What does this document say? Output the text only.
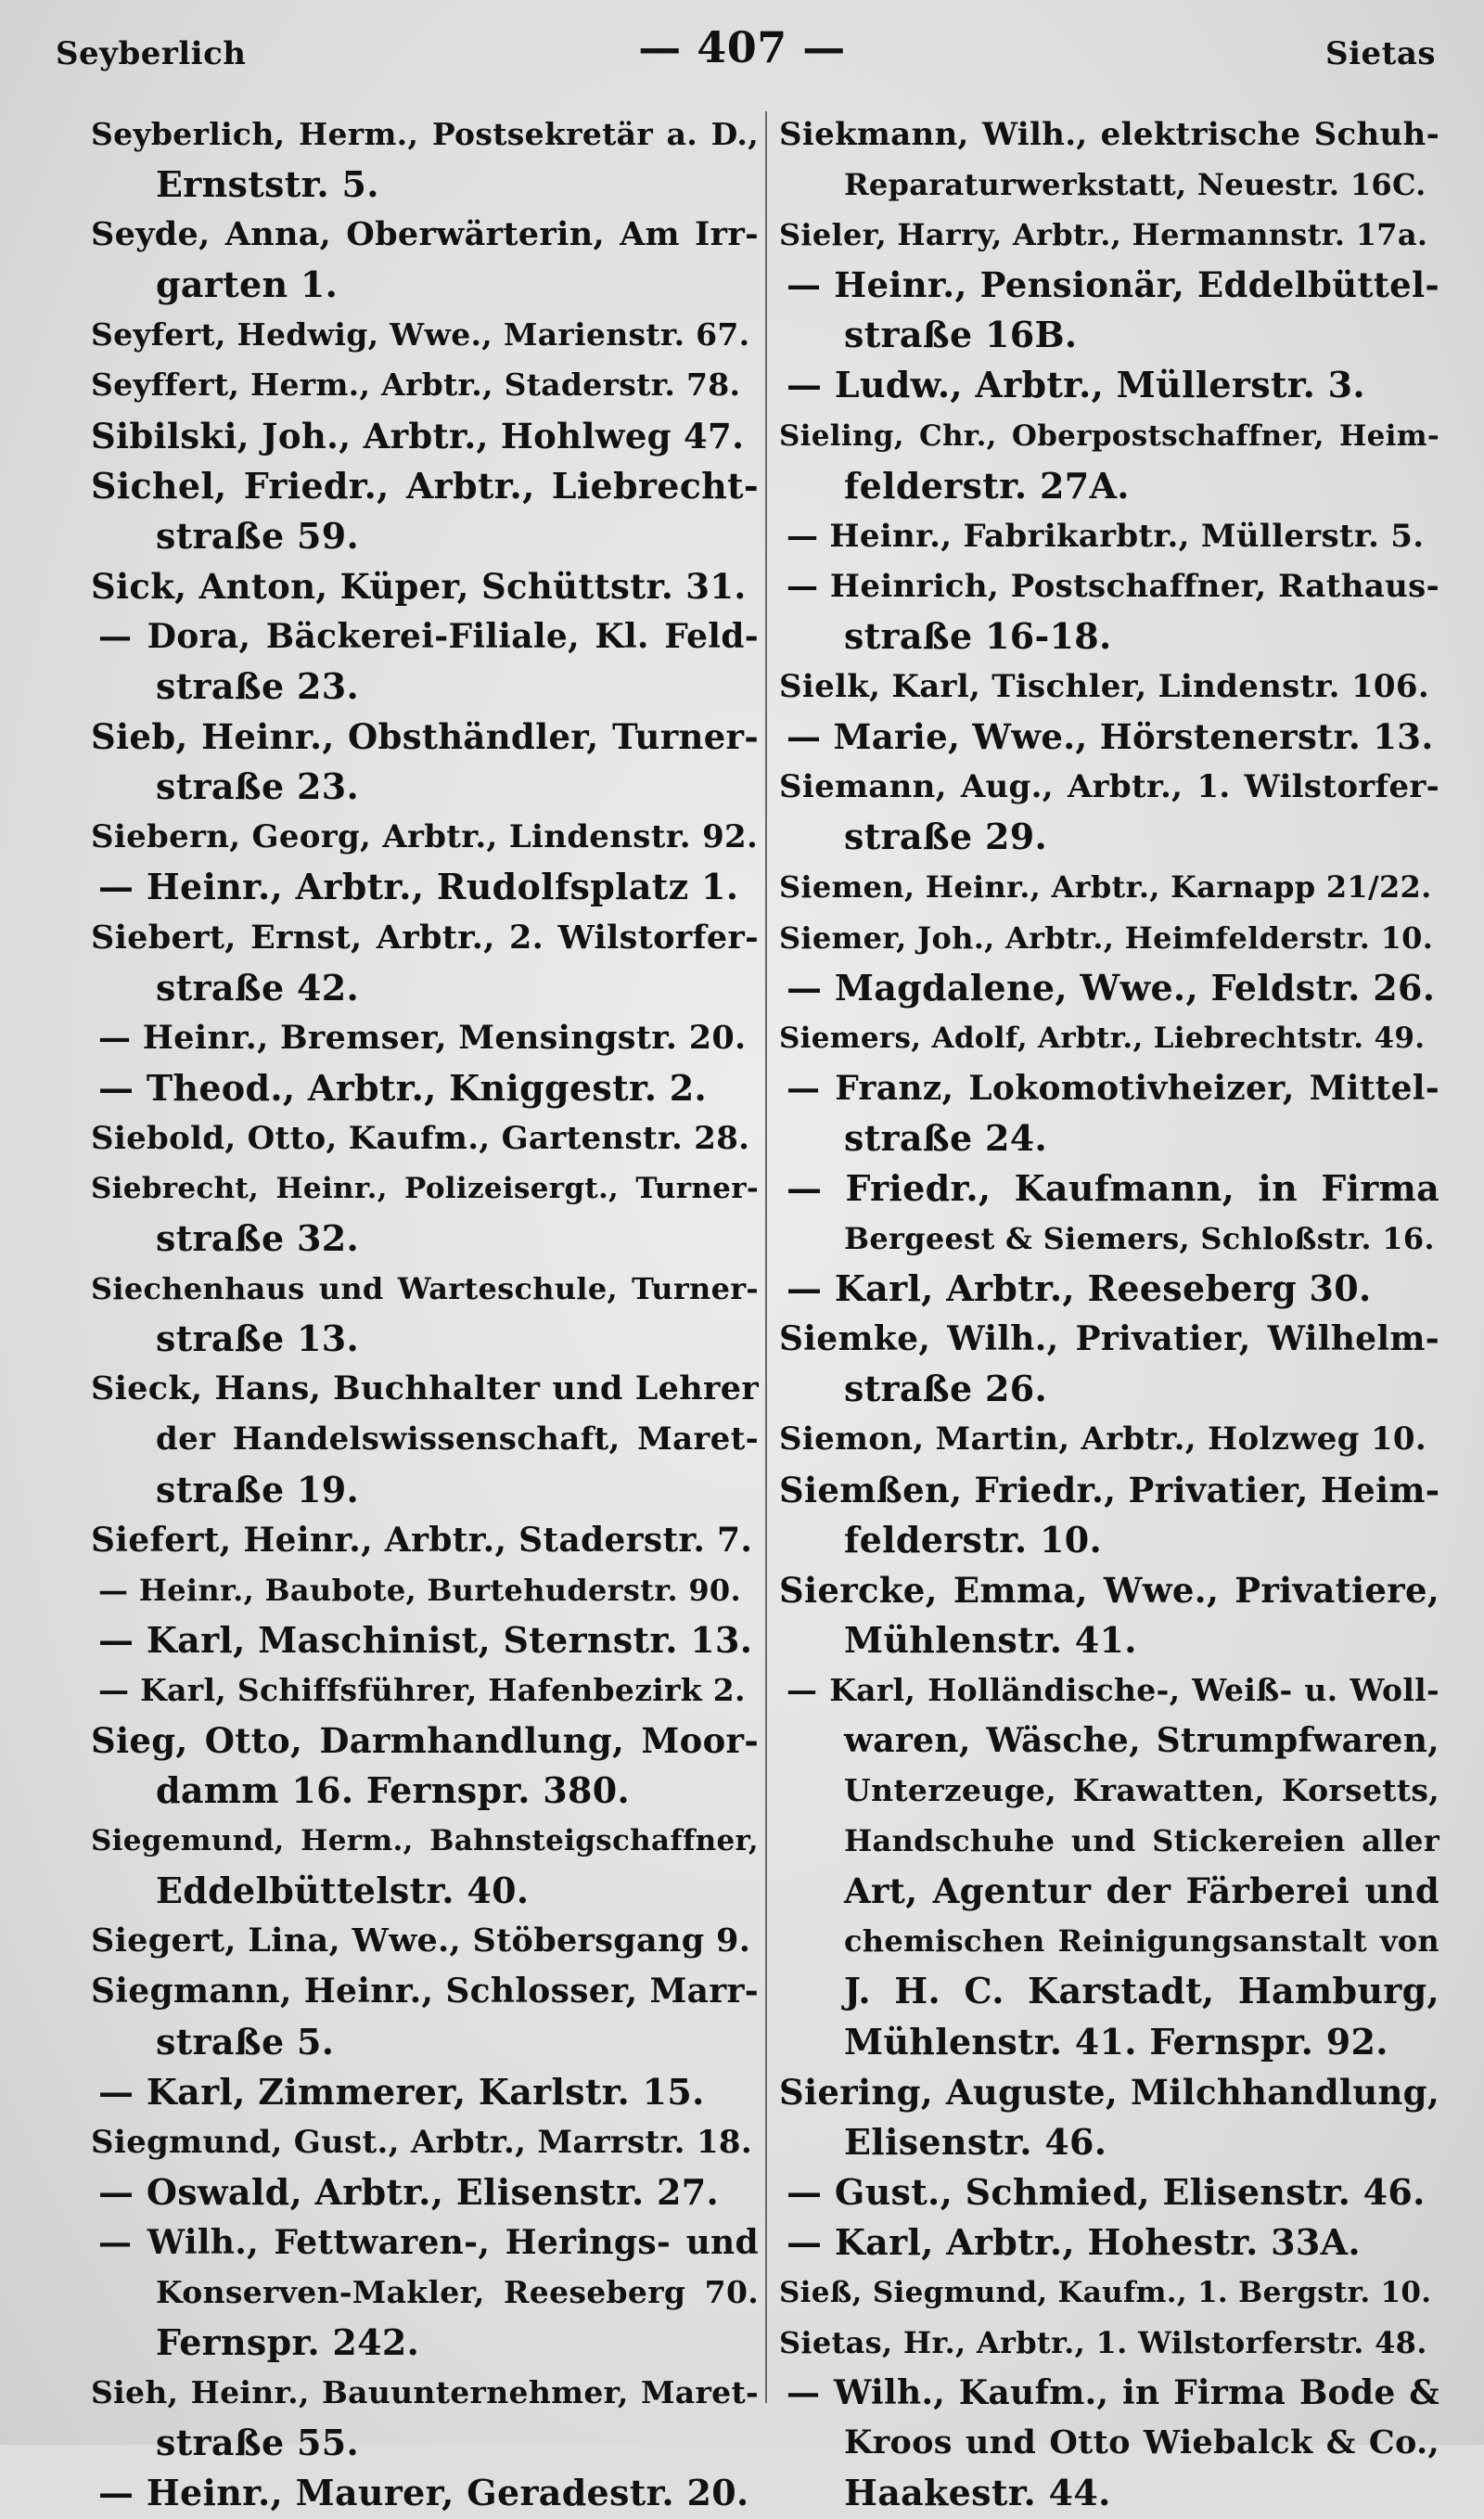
Seyberlich	— 407 —	Sietas
Seyberlich, Herm., Postsekretär a. D.,
Ernststr. 5.
Seyde, Anna, Oberwärterin, Am Irr-
garten 1.
Seyfert, Hedwig, Wwe., Marienstr. 67.
Seyffert, Herm., Arbtr., Staderstr. 78.
Sibilski, Joh., Arbtr., Hohlweg 47.
Sichel, Friedr., Arbtr., Liebrecht-
straße 59.
Sick, Anton, Küper, Schüttstr. 31.
— Dora, Bäckerei-Filiale, Kl. Feld-
straße 23.
Sieb, Heinr., Obsthändler, Turner-
straße 23.
Siebern, Georg, Arbtr., Lindenstr. 92.
— Heinr., Arbtr., Rudolfsplatz 1.
Siebert, Ernst, Arbtr., 2. Wilstorfer-
straße 42.
— Heinr., Bremser, Mensingstr. 20.
— Theod., Arbtr., Kniggestr. 2.
Siebold, Otto, Kaufm., Gartenstr. 28.
Siebrecht, Heinr., Polizeisergt., Turner-
straße 32.
Siechenhaus und Warteschule, Turner-
straße 13.
Sieck, Hans, Buchhalter und Lehrer
der Handelswissenschaft, Maret-
straße 19.
Siefert, Heinr., Arbtr., Staderstr. 7.
— Heinr., Baubote, Burtehuderstr. 90.
— Karl, Maschinist, Sternstr. 13.
— Karl, Schiffsführer, Hafenbezirk 2.
Sieg, Otto, Darmhandlung, Moor-
damm 16. Fernspr. 380.
Siegemund, Herm., Bahnsteigschaffner,
Eddelbüttelstr. 40.
Siegert, Lina, Wwe., Stöbersgang 9.
Siegmann, Heinr., Schlosser, Marr-
straße 5.
— Karl, Zimmerer, Karlstr. 15.
Siegmund, Gust., Arbtr., Marrstr. 18.
— Oswald, Arbtr., Elisenstr. 27.
— Wilh., Fettwaren-, Herings- und
Konserven-Makler, Reeseberg 70.
Fernspr. 242.
Sieh, Heinr., Bauunternehmer, Maret-
straße 55.
— Heinr., Maurer, Geradestr. 20.
Siekmann, Wilh., elektrische Schuh-
Reparaturwerkstatt, Neuestr. 16C.
Sieler, Harry, Arbtr., Hermannstr. 17a.
— Heinr., Pensionär, Eddelbüttel-
straße 16B.
— Ludw., Arbtr., Müllerstr. 3.
Sieling, Chr., Oberpostschaffner, Heim-
felderstr. 27A.
— Heinr., Fabrikarbtr., Müllerstr. 5.
— Heinrich, Postschaffner, Rathaus-
straße 16-18.
Sielk, Karl, Tischler, Lindenstr. 106.
— Marie, Wwe., Hörstenerstr. 13.
Siemann, Aug., Arbtr., 1. Wilstorfer-
straße 29.
Siemen, Heinr., Arbtr., Karnapp 21/22.
Siemer, Joh., Arbtr., Heimfelderstr. 10.
— Magdalene, Wwe., Feldstr. 26.
Siemers, Adolf, Arbtr., Liebrechtstr. 49.
— Franz, Lokomotivheizer, Mittel-
straße 24.
— Friedr., Kaufmann, in Firma
Bergeest & Siemers, Schloßstr. 16.
— Karl, Arbtr., Reeseberg 30.
Siemke, Wilh., Privatier, Wilhelm-
straße 26.
Siemon, Martin, Arbtr., Holzweg 10.
Siemßen, Friedr., Privatier, Heim-
felderstr. 10.
Siercke, Emma, Wwe., Privatiere,
Mühlenstr. 41.
— Karl, Holländische-, Weiß- u. Woll-
waren, Wäsche, Strumpfwaren,
Unterzeuge, Krawatten, Korsetts,
Handschuhe und Stickereien aller
Art, Agentur der Färberei und
chemischen Reinigungsanstalt von
J. H. C. Karstadt, Hamburg,
Mühlenstr. 41. Fernspr. 92.
Siering, Auguste, Milchhandlung,
Elisenstr. 46.
— Gust., Schmied, Elisenstr. 46.
— Karl, Arbtr., Hohestr. 33A.
Sieß, Siegmund, Kaufm., 1. Bergstr. 10.
Sietas, Hr., Arbtr., 1. Wilstorferstr. 48.
— Wilh., Kaufm., in Firma Bode &
Kroos und Otto Wiebalck & Co.,
Haakestr. 44.
